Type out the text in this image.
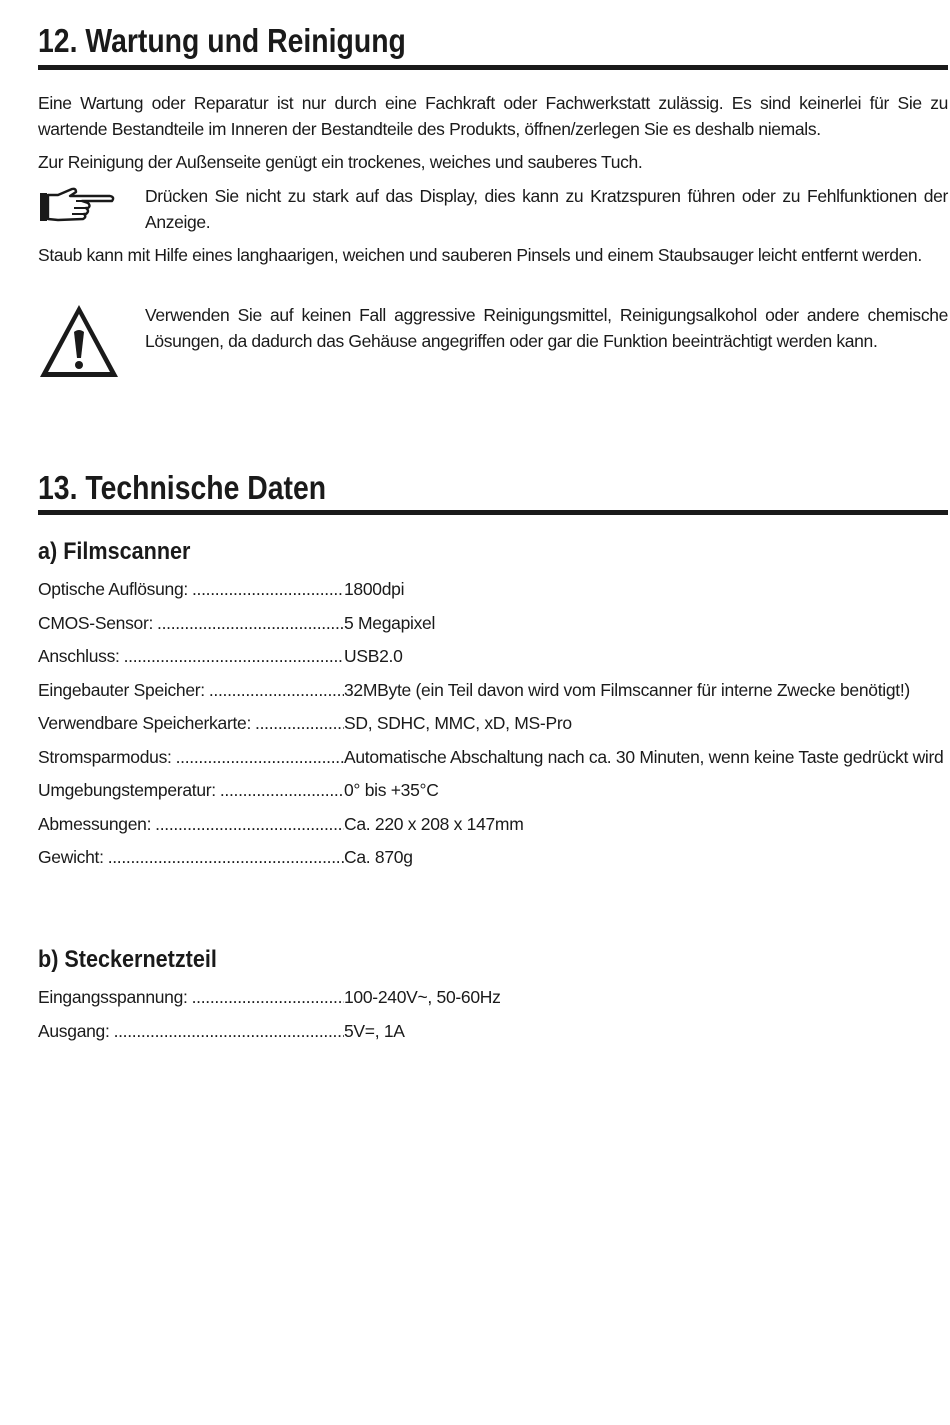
12. Wartung und Reinigung

Eine Wartung oder Reparatur ist nur durch eine Fachkraft oder Fachwerkstatt zulässig. Es sind keinerlei für Sie zu wartende Bestandteile im Inneren der Bestandteile des Produkts, öffnen/zerlegen Sie es deshalb niemals.

Zur Reinigung der Außenseite genügt ein trockenes, weiches und sauberes Tuch.

Drücken Sie nicht zu stark auf das Display, dies kann zu Kratzspuren führen oder zu Fehlfunktionen der Anzeige.

Staub kann mit Hilfe eines langhaarigen, weichen und sauberen Pinsels und einem Staubsauger leicht entfernt werden.

Verwenden Sie auf keinen Fall aggressive Reinigungsmittel, Reinigungsalkohol oder andere chemische Lösungen, da dadurch das Gehäuse angegriffen oder gar die Funktion beeinträchtigt werden kann.

13. Technische Daten
a) Filmscanner
Optische Auflösung: .....	1800dpi
CMOS-Sensor: .....	5 Megapixel
Anschluss: .....	USB2.0
Eingebauter Speicher: .....	32MByte (ein Teil davon wird vom Filmscanner für interne Zwecke benötigt!)
Verwendbare Speicherkarte: .....	SD, SDHC, MMC, xD, MS-Pro
Stromsparmodus: .....	Automatische Abschaltung nach ca. 30 Minuten, wenn keine Taste gedrückt wird
Umgebungstemperatur: .....	0° bis +35°C
Abmessungen: .....	Ca. 220 x 208 x 147mm
Gewicht: .....	Ca. 870g
b) Steckernetzteil
Eingangsspannung: .....	100-240V~, 50-60Hz
Ausgang: .....	5V=, 1A
